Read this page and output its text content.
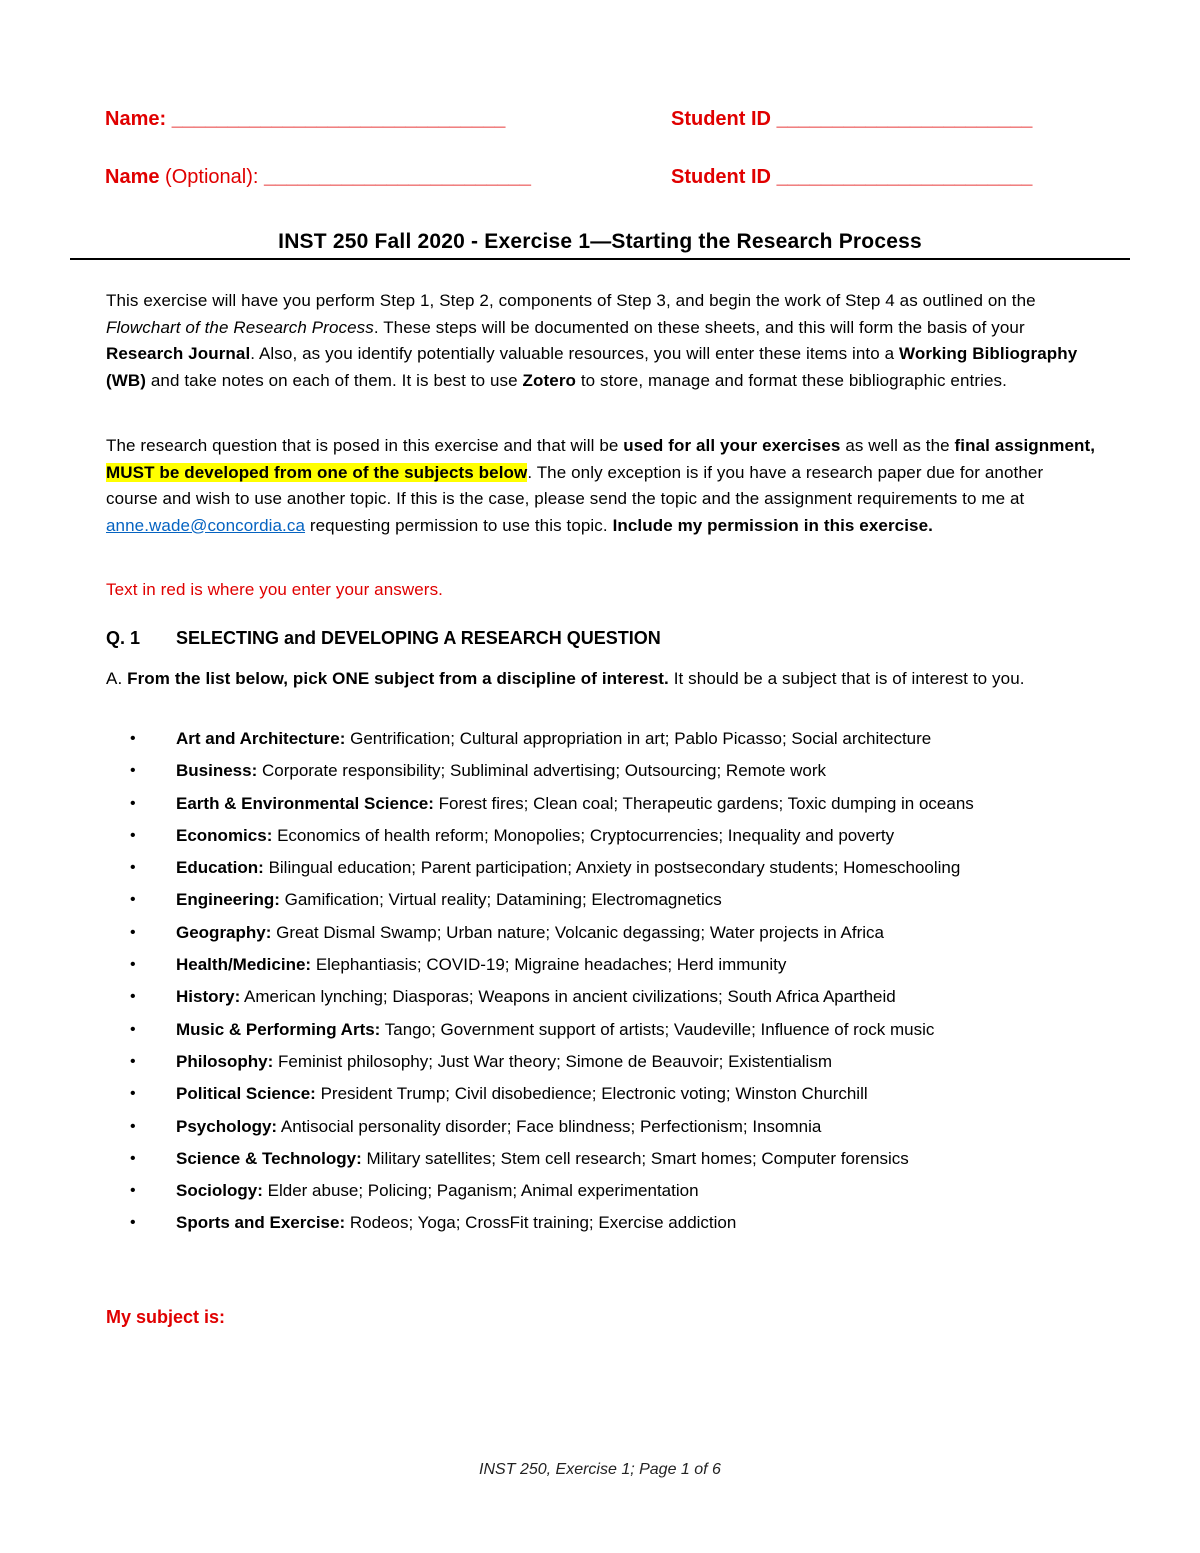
Name: ______________________________	Student ID _______________________
Name (Optional): ________________________	Student ID _______________________
INST 250 Fall 2020 - Exercise 1—Starting the Research Process
This exercise will have you perform Step 1, Step 2, components of Step 3, and begin the work of Step 4 as outlined on the Flowchart of the Research Process. These steps will be documented on these sheets, and this will form the basis of your Research Journal. Also, as you identify potentially valuable resources, you will enter these items into a Working Bibliography (WB) and take notes on each of them. It is best to use Zotero to store, manage and format these bibliographic entries.
The research question that is posed in this exercise and that will be used for all your exercises as well as the final assignment, MUST be developed from one of the subjects below. The only exception is if you have a research paper due for another course and wish to use another topic. If this is the case, please send the topic and the assignment requirements to me at anne.wade@concordia.ca requesting permission to use this topic. Include my permission in this exercise.
Text in red is where you enter your answers.
Q. 1 SELECTING and DEVELOPING A RESEARCH QUESTION
A. From the list below, pick ONE subject from a discipline of interest. It should be a subject that is of interest to you.
• Art and Architecture: Gentrification; Cultural appropriation in art; Pablo Picasso; Social architecture
• Business: Corporate responsibility; Subliminal advertising; Outsourcing; Remote work
• Earth & Environmental Science: Forest fires; Clean coal; Therapeutic gardens; Toxic dumping in oceans
• Economics: Economics of health reform; Monopolies; Cryptocurrencies; Inequality and poverty
• Education: Bilingual education; Parent participation; Anxiety in postsecondary students; Homeschooling
• Engineering: Gamification; Virtual reality; Datamining; Electromagnetics
• Geography: Great Dismal Swamp; Urban nature; Volcanic degassing; Water projects in Africa
• Health/Medicine: Elephantiasis; COVID-19; Migraine headaches; Herd immunity
• History: American lynching; Diasporas; Weapons in ancient civilizations; South Africa Apartheid
• Music & Performing Arts: Tango; Government support of artists; Vaudeville; Influence of rock music
• Philosophy: Feminist philosophy; Just War theory; Simone de Beauvoir; Existentialism
• Political Science: President Trump; Civil disobedience; Electronic voting; Winston Churchill
• Psychology: Antisocial personality disorder; Face blindness; Perfectionism; Insomnia
• Science & Technology: Military satellites; Stem cell research; Smart homes; Computer forensics
• Sociology: Elder abuse; Policing; Paganism; Animal experimentation
• Sports and Exercise: Rodeos; Yoga; CrossFit training; Exercise addiction
My subject is:
INST 250, Exercise 1; Page 1 of 6
